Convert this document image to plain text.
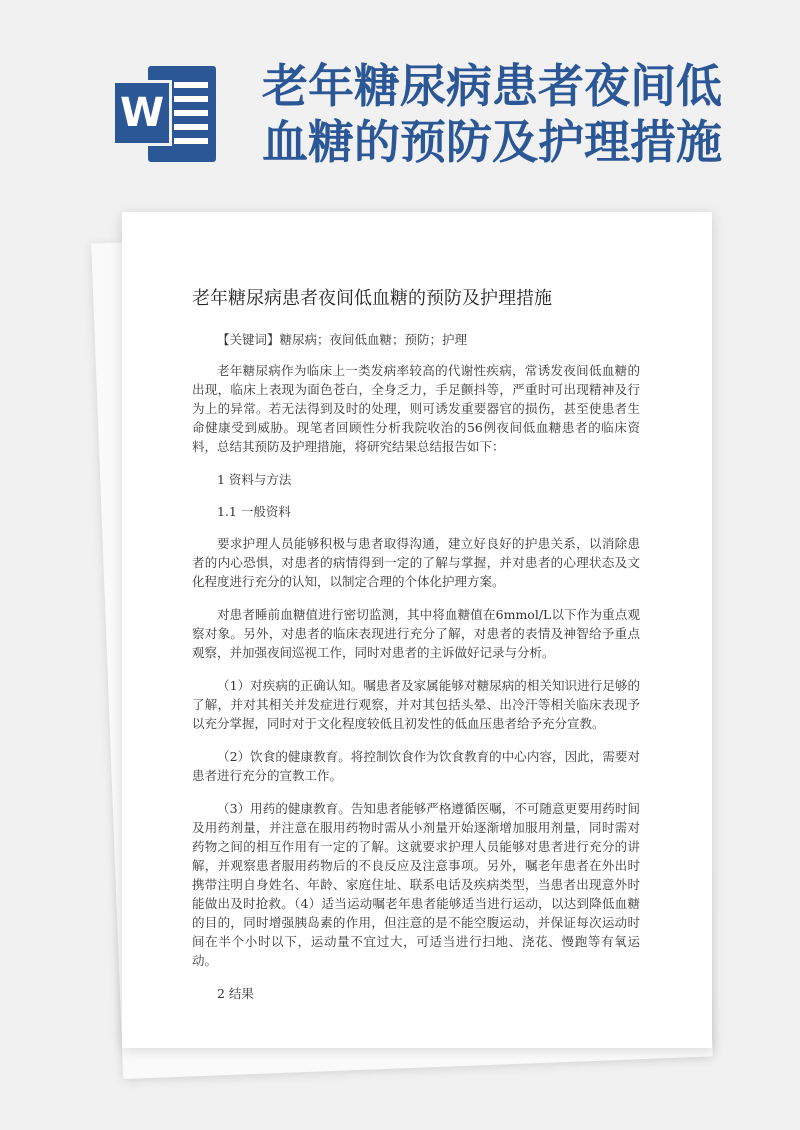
W 老年糖尿病患者夜间低
血糖的预防及护理措施
老年糖尿病患者夜间低血糖的预防及护理措施

【关键词】糖尿病；夜间低血糖；预防；护理

老年糖尿病作为临床上一类发病率较高的代谢性疾病，常诱发夜间低血糖的出现，临床上表现为面色苍白，全身乏力，手足颤抖等，严重时可出现精神及行为上的异常。若无法得到及时的处理，则可诱发重要器官的损伤，甚至使患者生命健康受到威胁。现笔者回顾性分析我院收治的56例夜间低血糖患者的临床资料，总结其预防及护理措施，将研究结果总结报告如下：

1 资料与方法

1.1 一般资料

要求护理人员能够积极与患者取得沟通，建立好良好的护患关系，以消除患者的内心恐惧，对患者的病情得到一定的了解与掌握，并对患者的心理状态及文化程度进行充分的认知，以制定合理的个体化护理方案。

对患者睡前血糖值进行密切监测，其中将血糖值在6mmol/L以下作为重点观察对象。另外，对患者的临床表现进行充分了解，对患者的表情及神智给予重点观察，并加强夜间巡视工作，同时对患者的主诉做好记录与分析。

（1）对疾病的正确认知。嘱患者及家属能够对糖尿病的相关知识进行足够的了解，并对其相关并发症进行观察，并对其包括头晕、出冷汗等相关临床表现予以充分掌握，同时对于文化程度较低且初发性的低血压患者给予充分宣教。

（2）饮食的健康教育。将控制饮食作为饮食教育的中心内容，因此，需要对患者进行充分的宣教工作。

（3）用药的健康教育。告知患者能够严格遵循医嘱，不可随意更要用药时间及用药剂量，并注意在服用药物时需从小剂量开始逐渐增加服用剂量，同时需对药物之间的相互作用有一定的了解。这就要求护理人员能够对患者进行充分的讲解，并观察患者服用药物后的不良反应及注意事项。另外，嘱老年患者在外出时携带注明自身姓名、年龄、家庭住址、联系电话及疾病类型，当患者出现意外时能做出及时抢救。（4）适当运动嘱老年患者能够适当进行运动，以达到降低血糖的目的，同时增强胰岛素的作用，但注意的是不能空腹运动，并保证每次运动时间在半个小时以下，运动量不宜过大，可适当进行扫地、浇花、慢跑等有氧运动。

2 结果
